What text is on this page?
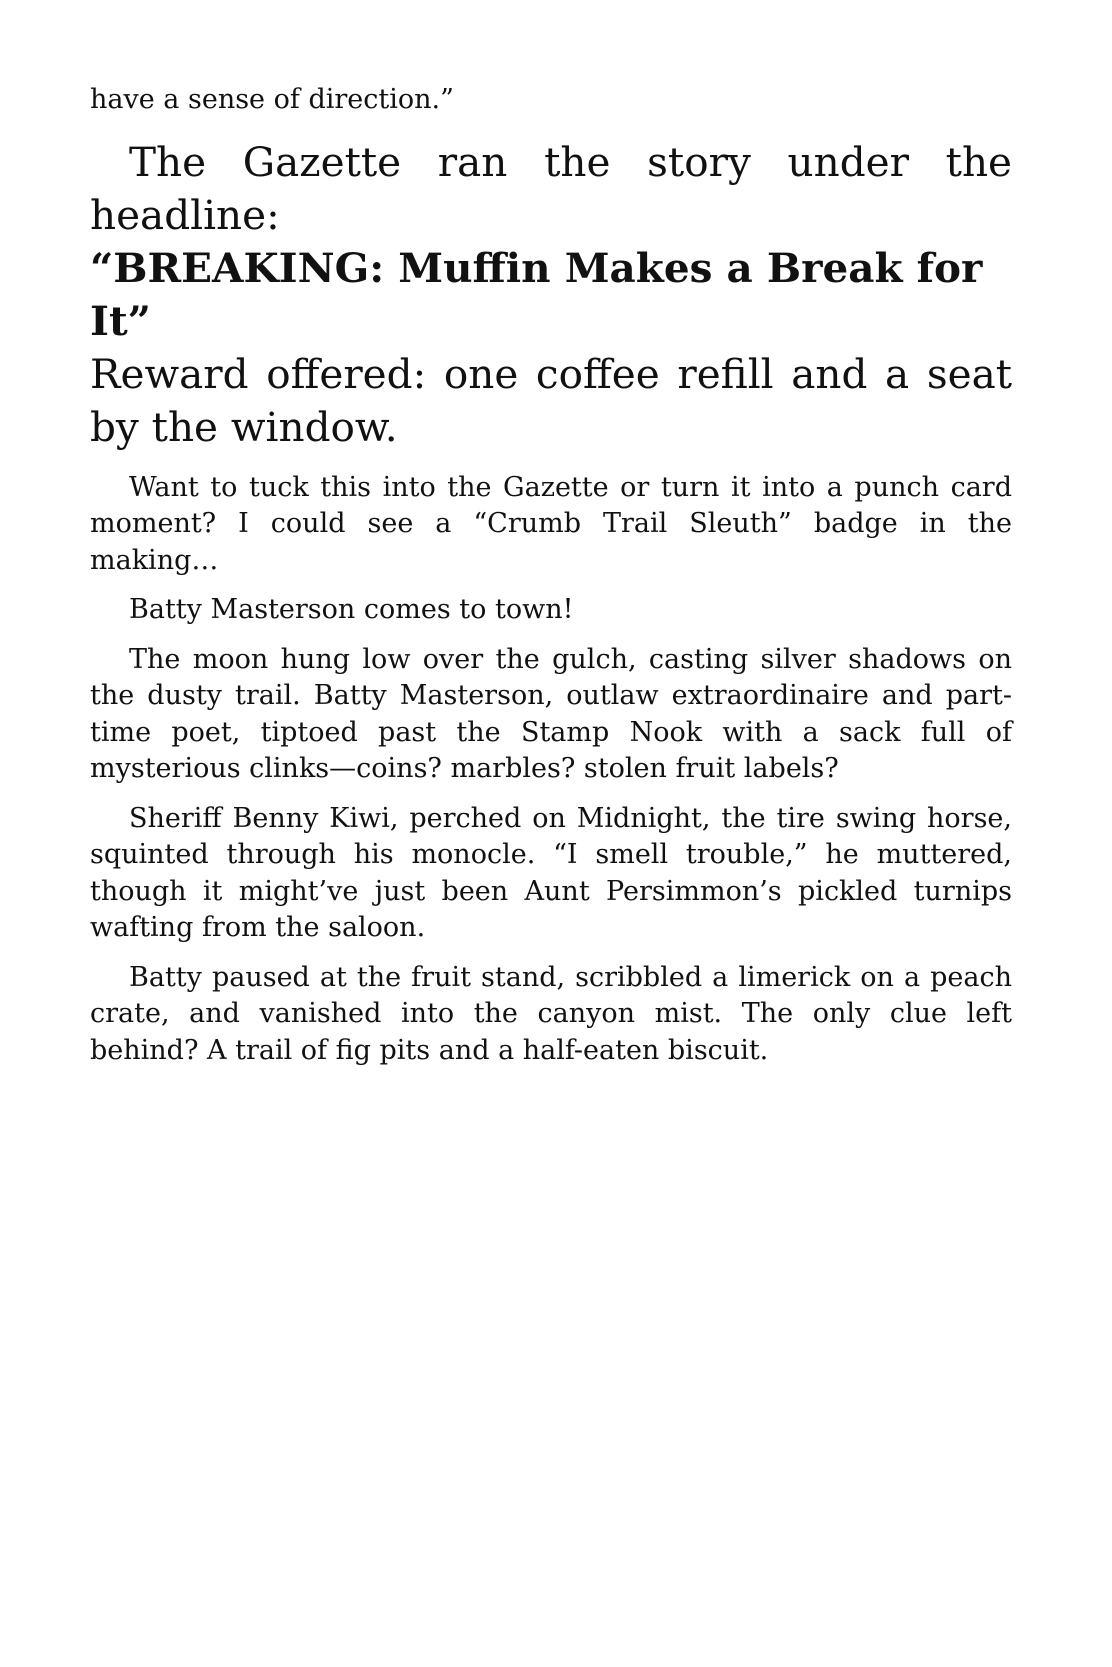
have a sense of direction.”

The Gazette ran the story under the

headline:

“BREAKING: Muffin Makes a Break for It”

Reward offered: one coffee refill and a seat by the window.

Want to tuck this into the Gazette or turn it into a punch card moment? I could see a “Crumb Trail Sleuth” badge in the making…

Batty Masterson comes to town!

The moon hung low over the gulch, casting silver shadows on the dusty trail. Batty Masterson, outlaw extraordinaire and part-time poet, tiptoed past the Stamp Nook with a sack full of mysterious clinks—coins? marbles? stolen fruit labels?

Sheriff Benny Kiwi, perched on Midnight, the tire swing horse, squinted through his monocle. “I smell trouble,” he muttered, though it might’ve just been Aunt Persimmon’s pickled turnips wafting from the saloon.

Batty paused at the fruit stand, scribbled a limerick on a peach crate, and vanished into the canyon mist. The only clue left behind? A trail of fig pits and a half-eaten biscuit.
